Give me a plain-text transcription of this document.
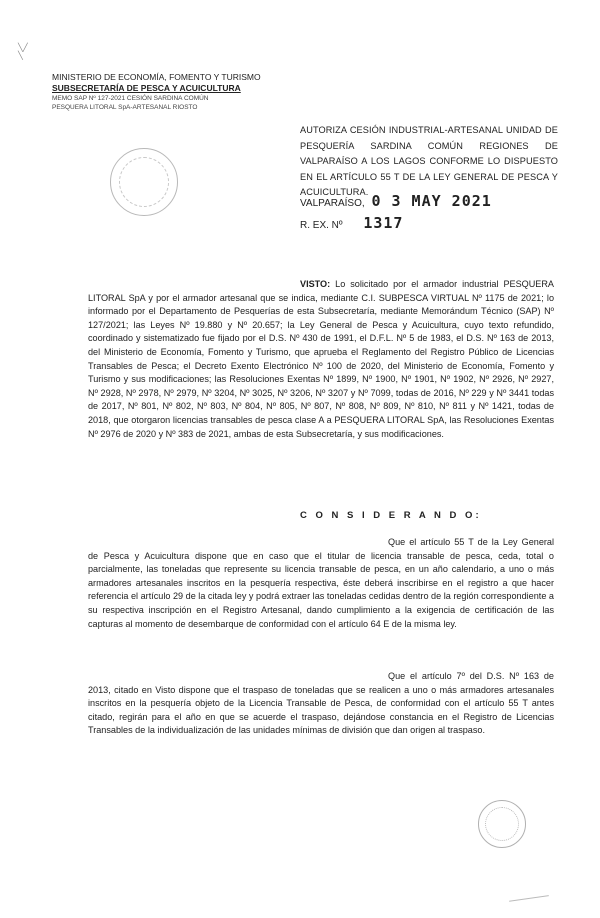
╲╱
╲
MINISTERIO DE ECONOMÍA, FOMENTO Y TURISMO
SUBSECRETARÍA DE PESCA Y ACUICULTURA
MEMO SAP Nº 127-2021 CESIÓN SARDINA COMÚN
PESQUERA LITORAL SpA-ARTESANAL RIOSTO
AUTORIZA CESIÓN INDUSTRIAL-ARTESANAL UNIDAD DE PESQUERÍA SARDINA COMÚN REGIONES DE VALPARAÍSO A LOS LAGOS CONFORME LO DISPUESTO EN EL ARTÍCULO 55 T DE LA LEY GENERAL DE PESCA Y ACUICULTURA.
VALPARAÍSO, 0 3 MAY 2021
R. EX. Nº 1317
VISTO: Lo solicitado por el armador industrial PESQUERA LITORAL SpA y por el armador artesanal que se indica, mediante C.I. SUBPESCA VIRTUAL Nº 1175 de 2021; lo informado por el Departamento de Pesquerías de esta Subsecretaría, mediante Memorándum Técnico (SAP) Nº 127/2021; las Leyes Nº 19.880 y Nº 20.657; la Ley General de Pesca y Acuicultura, cuyo texto refundido, coordinado y sistematizado fue fijado por el D.S. Nº 430 de 1991, el D.F.L. Nº 5 de 1983, el D.S. Nº 163 de 2013, del Ministerio de Economía, Fomento y Turismo, que aprueba el Reglamento del Registro Público de Licencias Transables de Pesca; el Decreto Exento Electrónico Nº 100 de 2020, del Ministerio de Economía, Fomento y Turismo y sus modificaciones; las Resoluciones Exentas Nº 1899, Nº 1900, Nº 1901, Nº 1902, Nº 2926, Nº 2927, Nº 2928, Nº 2978, Nº 2979, Nº 3204, Nº 3025, Nº 3206, Nº 3207 y Nº 7099, todas de 2016, Nº 229 y Nº 3441 todas de 2017, Nº 801, Nº 802, Nº 803, Nº 804, Nº 805, Nº 807, Nº 808, Nº 809, Nº 810, Nº 811 y Nº 1421, todas de 2018, que otorgaron licencias transables de pesca clase A a PESQUERA LITORAL SpA, las Resoluciones Exentas Nº 2976 de 2020 y Nº 383 de 2021, ambas de esta Subsecretaría, y sus modificaciones.
C O N S I D E R A N D O:
Que el artículo 55 T de la Ley General de Pesca y Acuicultura dispone que en caso que el titular de licencia transable de pesca, ceda, total o parcialmente, las toneladas que represente su licencia transable de pesca, en un año calendario, a uno o más armadores artesanales inscritos en la pesquería respectiva, éste deberá inscribirse en el registro a que hacer referencia el artículo 29 de la citada ley y podrá extraer las toneladas cedidas dentro de la región correspondiente a su respectiva inscripción en el Registro Artesanal, dando cumplimiento a la exigencia de certificación de las capturas al momento de desembarque de conformidad con el artículo 64 E de la misma ley.
Que el artículo 7º del D.S. Nº 163 de 2013, citado en Visto dispone que el traspaso de toneladas que se realicen a uno o más armadores artesanales inscritos en la pesquería objeto de la Licencia Transable de Pesca, de conformidad con el artículo 55 T antes citado, regirán para el año en que se acuerde el traspaso, dejándose constancia en el Registro de Licencias Transables de la individualización de las unidades mínimas de división que dan origen al traspaso.
